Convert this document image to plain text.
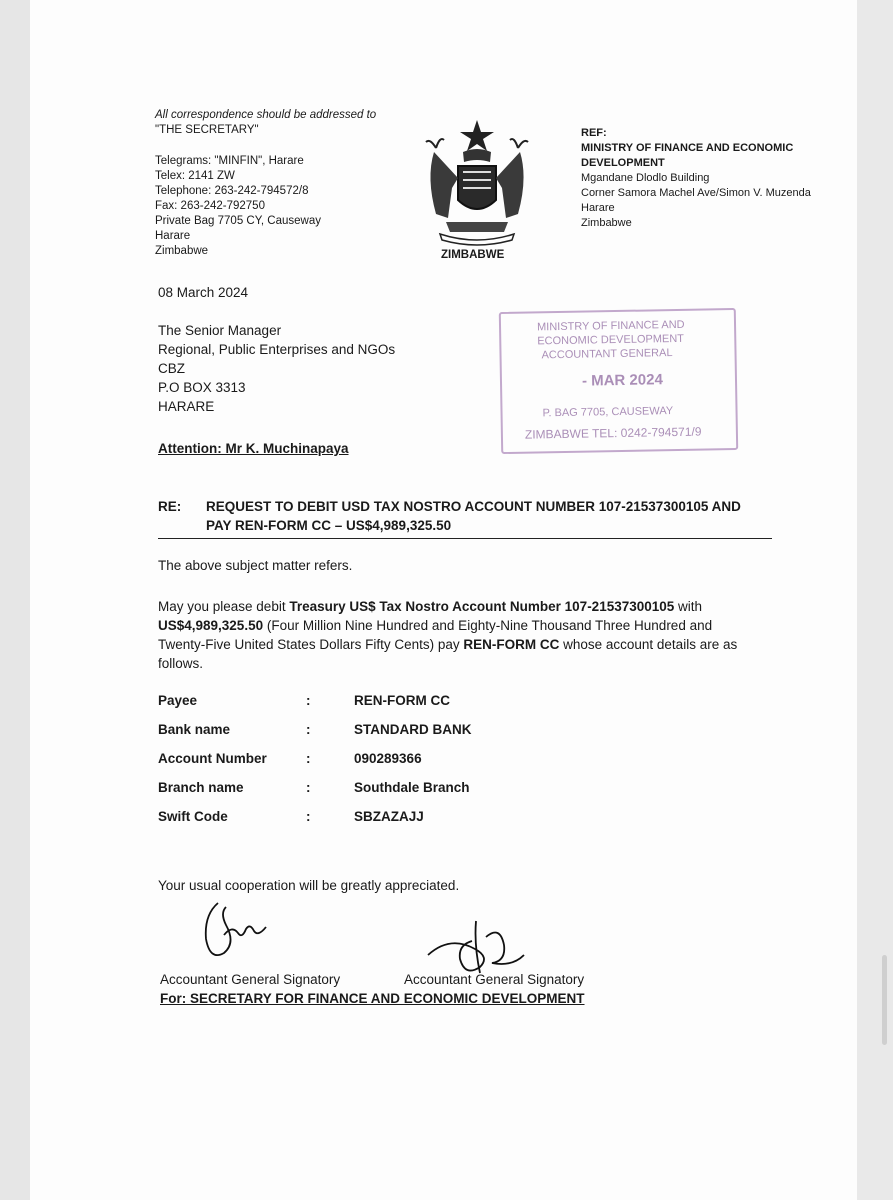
All correspondence should be addressed to
"THE SECRETARY"
Telegrams: "MINFIN", Harare
Telex: 2141 ZW
Telephone: 263-242-794572/8
Fax: 263-242-792750
Private Bag 7705 CY, Causeway
Harare
Zimbabwe	ZIMBABWE
REF:
MINISTRY OF FINANCE AND ECONOMIC
DEVELOPMENT
Mgandane Dlodlo Building
Corner Samora Machel Ave/Simon V. Muzenda
Harare
Zimbabwe
08 March 2024
The Senior Manager
Regional, Public Enterprises and NGOs
CBZ
P.O BOX 3313
HARARE
Attention: Mr K. Muchinapaya
MINISTRY OF FINANCE AND
ECONOMIC DEVELOPMENT
ACCOUNTANT GENERAL
- MAR 2024
P. BAG 7705, CAUSEWAY
ZIMBABWE TEL: 0242-794571/9
RE: REQUEST TO DEBIT USD TAX NOSTRO ACCOUNT NUMBER 107-21537300105 AND
PAY REN-FORM CC – US$4,989,325.50
The above subject matter refers.
May you please debit Treasury US$ Tax Nostro Account Number 107-21537300105 with
US$4,989,325.50 (Four Million Nine Hundred and Eighty-Nine Thousand Three Hundred and
Twenty-Five United States Dollars Fifty Cents) pay REN-FORM CC whose account details are as
follows.
Payee	:	REN-FORM CC
Bank name	:	STANDARD BANK
Account Number	:	090289366
Branch name	:	Southdale Branch
Swift Code	:	SBZAZAJJ
Your usual cooperation will be greatly appreciated.
Accountant General Signatory	Accountant General Signatory
For: SECRETARY FOR FINANCE AND ECONOMIC DEVELOPMENT
